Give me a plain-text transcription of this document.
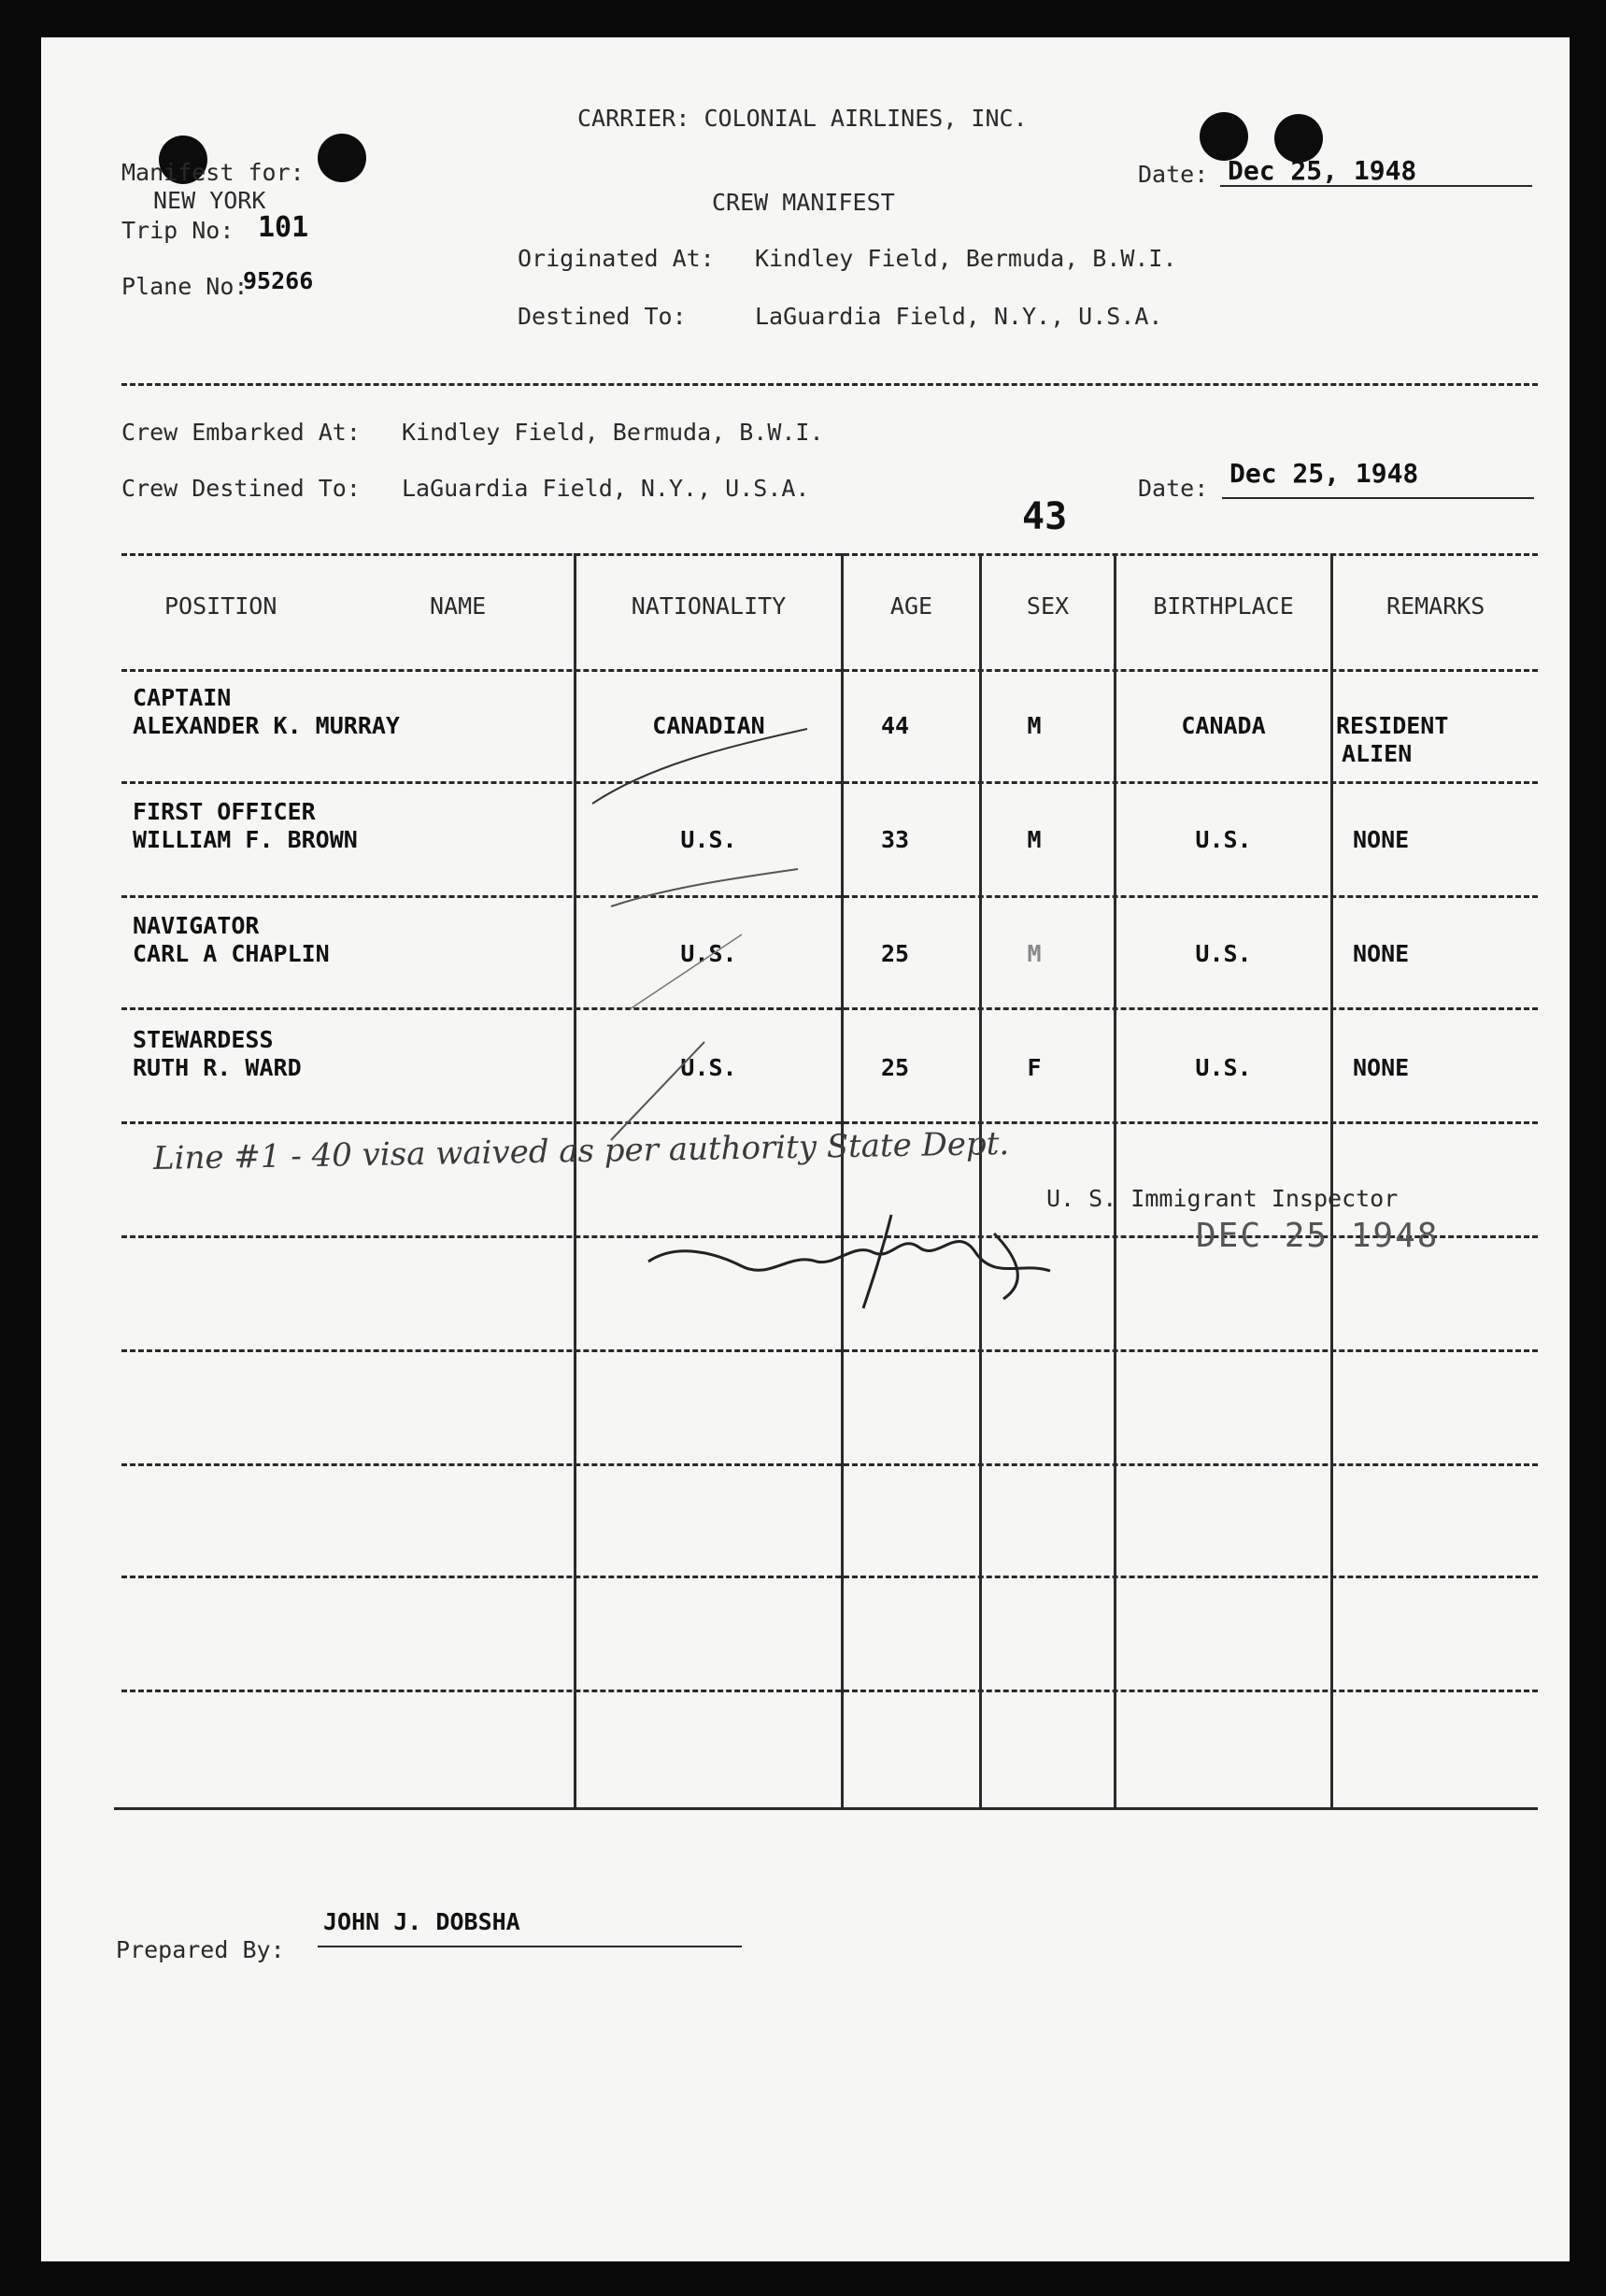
CARRIER: COLONIAL AIRLINES, INC.
Manifest for:
NEW YORK
Trip No: 101
Plane No:
95266
CREW MANIFEST
Originated At: Kindley Field, Bermuda, B.W.I.
Destined To:	LaGuardia Field, N.Y., U.S.A.
Date: Dec 25, 1948
Crew Embarked At: Kindley Field, Bermuda, B.W.I.
Crew Destined To: LaGuardia Field, N.Y., U.S.A.
43
Date: Dec 25, 1948
POSITION	NAME	NATIONALITY	AGE	SEX	BIRTHPLACE	REMARKS
CAPTAIN
ALEXANDER K. MURRAY	CANADIAN	44	M	CANADA	RESIDENT
ALIEN
FIRST OFFICER
WILLIAM F. BROWN	U.S.	33	M	U.S.	NONE
NAVIGATOR
CARL A CHAPLIN	U.S.	25	M	U.S.	NONE
STEWARDESS
RUTH R. WARD	U.S.	25	F	U.S.	NONE
Line #1 - 40 visa waived as per authority State Dept.
U. S. Immigrant Inspector
DEC 25 1948
Prepared By:
JOHN J. DOBSHA
